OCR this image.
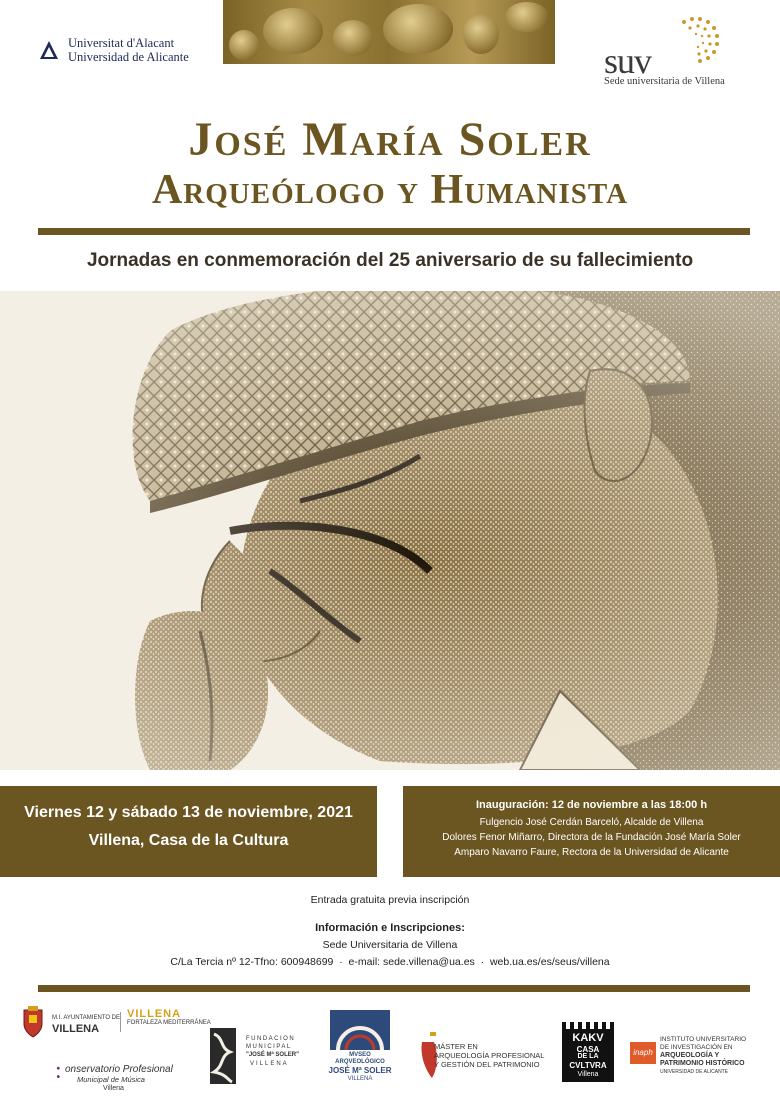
Universitat d'Alacant
Universidad de Alicante	suv
Sede universitaria de Villena
José María Soler
Arqueólogo y Humanista
Jornadas en conmemoración del 25 aniversario de su fallecimiento
Viernes 12 y sábado 13 de noviembre, 2021
Villena, Casa de la Cultura
Inauguración: 12 de noviembre a las 18:00 h
Fulgencio José Cerdán Barceló, Alcalde de Villena
Dolores Fenor Miñarro, Directora de la Fundación José María Soler
Amparo Navarro Faure, Rectora de la Universidad de Alicante
Entrada gratuita previa inscripción
Información e Inscripciones:
Sede Universitaria de Villena
C/La Tercia nº 12-Tfno: 600948699  ·  e-mail: sede.villena@ua.es  ·  web.ua.es/es/seus/villena
M.I. AYUNTAMIENTO DE
VILLENA
VILLENA
FORTALEZA MEDITERRÁNEA
: onservatorio Profesional
Municipal de Música
Villena
FUNDACION
MUNICIPAL
"JOSÉ Mª SOLER"
VILLENA
MVSEO
ARQVEOLÓGICO
JOSÉ Mª SOLER
VILLENA
MÁSTER EN
ARQUEOLOGÍA PROFESIONAL
Y GESTIÓN DEL PATRIMONIO
KAKV
CASA
DE LA
CVLTVRA
Villena
inaph
INSTITUTO UNIVERSITARIO
DE INVESTIGACIÓN EN
ARQUEOLOGÍA Y
PATRIMONIO HISTÓRICO
UNIVERSIDAD DE ALICANTE
